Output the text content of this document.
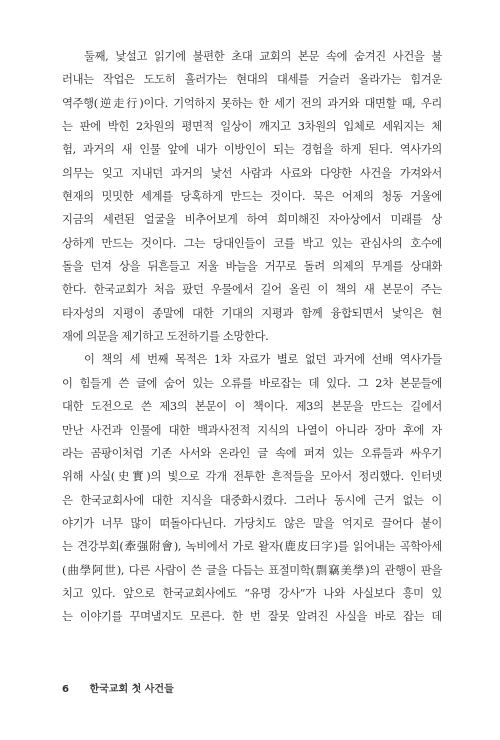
둘째, 낯설고 읽기에 불편한 초대 교회의 본문 속에 숨겨진 사건을 불
러내는 작업은 도도히 흘러가는 현대의 대세를 거슬러 올라가는 힘겨운
역주행(逆走行)이다. 기억하지 못하는 한 세기 전의 과거와 대면할 때, 우리
는 판에 박힌 2차원의 평면적 일상이 깨지고 3차원의 입체로 세워지는 체
험, 과거의 새 인물 앞에 내가 이방인이 되는 경험을 하게 된다. 역사가의
의무는 잊고 지내던 과거의 낯선 사람과 사료와 다양한 사건을 가져와서
현재의 밋밋한 세계를 당혹하게 만드는 것이다. 묵은 어제의 청동 거울에
지금의 세련된 얼굴을 비추어보게 하여 희미해진 자아상에서 미래를 상
상하게 만드는 것이다. 그는 당대인들이 코를 박고 있는 관심사의 호수에
돌을 던져 상을 뒤흔들고 저울 바늘을 거꾸로 돌려 의제의 무게를 상대화
한다. 한국교회가 처음 팠던 우물에서 길어 올린 이 책의 새 본문이 주는
타자성의 지평이 종말에 대한 기대의 지평과 함께 융합되면서 낯익은 현
재에 의문을 제기하고 도전하기를 소망한다.
이 책의 세 번째 목적은 1차 자료가 별로 없던 과거에 선배 역사가들
이 힘들게 쓴 글에 숨어 있는 오류를 바로잡는 데 있다. 그 2차 본문들에
대한 도전으로 쓴 제3의 본문이 이 책이다. 제3의 본문을 만드는 길에서
만난 사건과 인물에 대한 백과사전적 지식의 나열이 아니라 장마 후에 자
라는 곰팡이처럼 기존 사서와 온라인 글 속에 퍼져 있는 오류들과 싸우기
위해 사실(史實)의 빛으로 각개 전투한 흔적들을 모아서 정리했다. 인터넷
은 한국교회사에 대한 지식을 대중화시켰다. 그러나 동시에 근거 없는 이
야기가 너무 많이 떠돌아다닌다. 가당치도 않은 말을 억지로 끌어다 붙이
는 견강부회(牽强附會), 녹비에서 가로 왈자(鹿皮曰字)를 읽어내는 곡학아세
(曲學阿世), 다른 사람이 쓴 글을 다듬는 표절미학(剽竊美學)의 관행이 판을
치고 있다. 앞으로 한국교회사에도 “유명 강사”가 나와 사실보다 흥미 있
는 이야기를 꾸며낼지도 모른다. 한 번 잘못 알려진 사실을 바로 잡는 데
6 한국교회 첫 사건들
